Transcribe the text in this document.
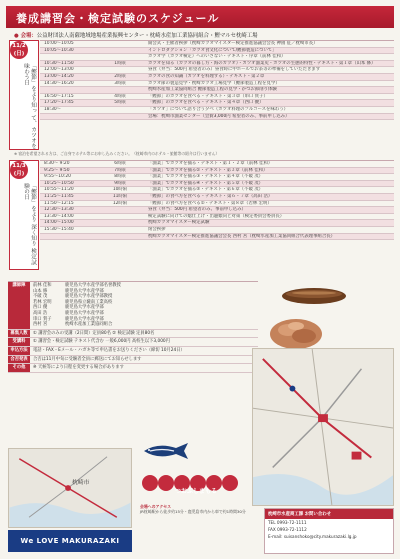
養成講習会・検定試験のスケジュール
● 会場：公益財団法人南薩地域地場産業振興センター・枕崎水産加工業協同組合・鰹マルセ枕崎工場
11/2
(日)
「鰹節」をより知っ て、カツオを味わう日
10:00〜10:05	開会式・主催者挨拶（枕崎カツオマイスター検定推進協議会会長 神園 征／枕崎市長）
10:05〜10:30	イントロダクション「カツオ食文化について/鰹節製造について」
カツオ学（カツオ検定）へのいざない・テキスト・序章（前林 佳和）
10:30〜11:50	1時限	カツオを知る（カツオの暮し方・海のカツオ）・カツオ漁業史・カツオの生態的特性・テキスト・第１章（山本 修）
12:00〜13:00	昼食（弁当：500円 希望者のみ）昼食時に中ホールでお茶等の準備をしていただきます
13:00〜14:20	2時限	カツオの食の知識（カツオを料理する）・テキスト・第２章
14:30〜16:20	3時限	カツオ節の製造見学・枕崎カツオ工場見学（鰹節製造工程を見学）
枕崎水産加工業協同組合 鰹節製造工程の見学・かつお節削り体験
16:50〜17:15	4時限	「鰹節」のカツオを食べる・テキスト・第３章（串口 賀子）
17:20〜17:45	5時限	「鰹節」のカツオを食べる・テキスト・第４章（西口 優）
18:30〜	「カツオ」について語り合う夕べ（カツオ料理のフルコースを味わう）
会場：枕崎市漁業センター（会費3,000円 希望者のみ、事前申し込み）
※ 宿泊を希望される方は、ご自身でホテル等にお申し込みください。（枕崎市内のホテル・旅館等の紹介は行いません）
11/3
(月)
「鰹節」をより 深く知り 検定試験の日
8:30〜 9:20	6時限	「漁業」でカツオを捕る・テキスト・第１・２章（前林 佳和）
9:25〜 9:50	7時限	「漁業」でカツオを捕る②・テキスト・第３章（前林 佳和）
9:55〜10:20	8時限	「漁業」でカツオを捕る③・テキスト・第４章（不破 茂）
10:25〜10:50	9時限	「漁業」でカツオを捕る④・テキスト・第５章（不破 茂）
10:55〜11:20	10時限	「漁業」でカツオを捕る⑤・テキスト・第６章（不破 茂）
11:25〜11:45	11時限	「鰹節」の食べ方を食べる・テキスト・第６・７章（高田 浩）
11:50〜12:15	12時限	「鰹節」の食べ方を食べる②・テキスト・第８章（若林 宏明）
12:30〜13:30	昼食（弁当：500円 希望者のみ、事前申し込み）
13:30〜14:00	検定試験に向けての総仕上げ・出題傾向と対策（検定委員会委員長）
14:00〜15:00	枕崎カツオマイスター検定試験
15:30〜15:40	閉会挨拶
枕崎カツオマイスター検定推進協議会会長 西村 宮（枕崎水産加工業協同組合代表理事組合長）
講師陣	前林 佳和	鹿児島大学水産学部名誉教授
山本 修	鹿児島大学水産学部
不破 茂	鹿児島大学水産学部教授
若林 宏明	鹿児島県立薩南工業高校
西口 優	鹿児島大学水産学部
高田 浩	鹿児島大学水産学部
串口 賀子	鹿児島大学水産学部
西村 宮	枕崎水産加工業協同組合
募集人数	① 講習会のみの受講（2日間）定員80名 ② 検定試験 定員80名
受講料	① 講習会・検定試験 テキスト代含む 一般6,000円 高校生以下3,000円
申込方法	電話・FAX・Eメール・ハガキ等で申込書をお送りください（締切 10月24日）
合否発表	合否は11月中旬に受験者全員に郵送にてお知らせします
その他	※ 天候等により日程を変更する場合があります
枕崎市
つおぶしまもる
会場へのアクセス
JR枕崎駅から徒歩約15分・鹿児島市内から車で約1時間30分
枕崎市水産商工課 お問い合わせ
TEL 0993-72-1111
FAX 0993-72-1112
E-mail: suisanshoko@city.makurazaki.lg.jp
We LOVE MAKURAZAKI
